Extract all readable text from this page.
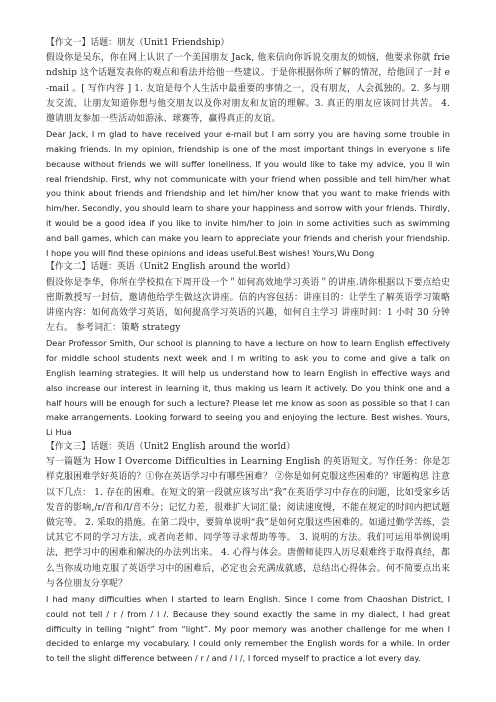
【作文一】话题：朋友（Unit1 Friendship）

假设你是吴东，你在网上认识了一个美国朋友 Jack, 他来信向你诉说交朋友的烦恼，他要求你就 friendship 这个话题发表你的观点和看法并给他一些建议。于是你根据你所了解的情况，给他回了一封 e-mail 。[ 写作内容 ] 1. 友谊是每个人生活中最重要的事情之一，没有朋友，人会孤独的。2. 多与朋友交流，让朋友知道你想与他交朋友以及你对朋友和友谊的理解。3. 真正的朋友应该同甘共苦。 4. 邀请朋友参加一些活动如游泳、球赛等，赢得真正的友谊。

Dear Jack, I m glad to have received your e-mail but I am sorry you are having some trouble in making friends. In my opinion, friendship is one of the most important things in everyone s life because without friends we will suffer loneliness. If you would like to take my advice, you ll win real friendship. First, why not communicate with your friend when possible and tell him/her what you think about friends and friendship and let him/her know that you want to make friends with him/her. Secondly, you should learn to share your happiness and sorrow with your friends. Thirdly, it would be a good idea if you like to invite him/her to join in some activities such as swimming and ball games, which can make you learn to appreciate your friends and cherish your friendship. I hope you will find these opinions and ideas useful.Best wishes! Yours,Wu Dong

【作文二】话题：英语（Unit2 English around the world）

假设你是李华，你所在学校拟在下周开设一个＂如何高效地学习英语＂的讲座.请你根据以下要点给史密斯教授写一封信，邀请他给学生做这次讲座。信的内容包括：讲座目的：让学生了解英语学习策略 讲座内容：如何高效学习英语，如何提高学习英语的兴趣，如何自主学习 讲座时间：1 小时 30 分钟左右。 参考词汇：策略 strategy

Dear Professor Smith, Our school is planning to have a lecture on how to learn English effectively for middle school students next week and I m writing to ask you to come and give a talk on English learning strategies. It will help us understand how to learn English in effective ways and also increase our interest in learning it, thus making us learn it actively. Do you think one and a half hours will be enough for such a lecture? Please let me know as soon as possible so that I can make arrangements. Looking forward to seeing you and enjoying the lecture. Best wishes. Yours, Li Hua

【作文三】话题：英语（Unit2 English around the world）

写一篇题为 How I Overcome Difficulties in Learning English 的英语短文。写作任务：你是怎样克服困难学好英语的？①你在英语学习中有哪些困难？ ②你是如何克服这些困难的？审题构思 注意以下几点： 1. 存在的困难。在短文的第一段就应该写出“我”在英语学习中存在的问题，比如受家乡话发音的影响,/r/音和/l/音不分；记忆力差，很难扩大词汇量；阅读速度慢，不能在规定的时间内把试题做完等。 2. 采取的措施。在第二段中，要简单说明“我”是如何克服这些困难的。如通过勤学苦练，尝试其它不同的学习方法，或者向老师、同学等寻求帮助等等。 3. 说明的方法。我们可运用举例说明法，把学习中的困难和解决的办法列出来。 4. 心得与体会。唐僧师徒四人历尽艰难终于取得真经，都么当你成功地克服了英语学习中的困难后，必定也会充满成就感，总结出心得体会。何不简要点出来与各位朋友分享呢？

I had many difficulties when I started to learn English. Since I come from Chaoshan District, I could not tell / r / from / l /. Because they sound exactly the same in my dialect, I had great difficulty in telling “night” from “light”. My poor memory was another challenge for me when I decided to enlarge my vocabulary. I could only remember the English words for a while. In order to tell the slight difference between / r / and / l /, I forced myself to practice a lot every day.
